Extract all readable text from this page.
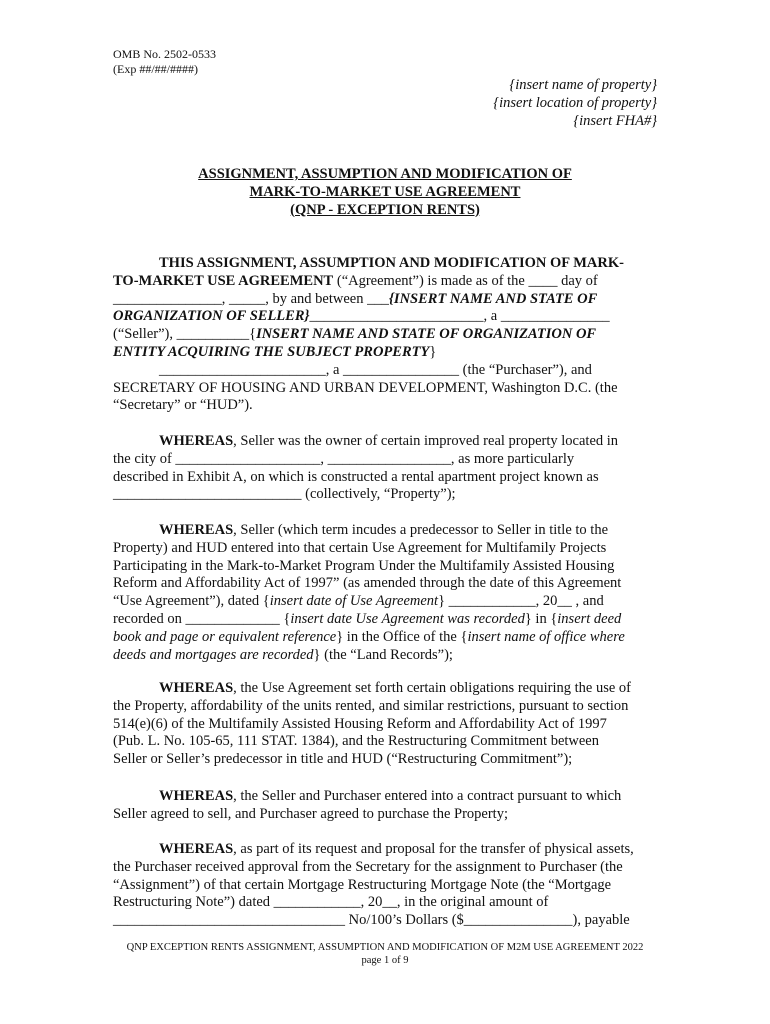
OMB No. 2502-0533
(Exp ##/##/####)
{insert name of property}
{insert location of property}
{insert FHA#}
ASSIGNMENT, ASSUMPTION AND MODIFICATION OF
MARK-TO-MARKET USE AGREEMENT
(QNP - EXCEPTION RENTS)
THIS ASSIGNMENT, ASSUMPTION AND MODIFICATION OF MARK-
TO-MARKET USE AGREEMENT (“Agreement”) is made as of the ____ day of
_______________, _____, by and between ___{INSERT NAME AND STATE OF
ORGANIZATION OF SELLER}________________________, a _______________
(“Seller”), __________{INSERT NAME AND STATE OF ORGANIZATION OF
ENTITY ACQUIRING THE SUBJECT PROPERTY}
_______________________, a ________________ (the “Purchaser”), and
SECRETARY OF HOUSING AND URBAN DEVELOPMENT, Washington D.C. (the
“Secretary” or “HUD”).
WHEREAS, Seller was the owner of certain improved real property located in
the city of ____________________, _________________, as more particularly
described in Exhibit A, on which is constructed a rental apartment project known as
__________________________ (collectively, “Property”);
WHEREAS, Seller (which term incudes a predecessor to Seller in title to the
Property) and HUD entered into that certain Use Agreement for Multifamily Projects
Participating in the Mark-to-Market Program Under the Multifamily Assisted Housing
Reform and Affordability Act of 1997” (as amended through the date of this Agreement
“Use Agreement”), dated {insert date of Use Agreement} ____________, 20__ , and
recorded on _____________ {insert date Use Agreement was recorded} in {insert deed
book and page or equivalent reference} in the Office of the {insert name of office where
deeds and mortgages are recorded} (the “Land Records”);
WHEREAS, the Use Agreement set forth certain obligations requiring the use of
the Property, affordability of the units rented, and similar restrictions, pursuant to section
514(e)(6) of the Multifamily Assisted Housing Reform and Affordability Act of 1997
(Pub. L. No. 105-65, 111 STAT. 1384), and the Restructuring Commitment between
Seller or Seller’s predecessor in title and HUD (“Restructuring Commitment”);
WHEREAS, the Seller and Purchaser entered into a contract pursuant to which
Seller agreed to sell, and Purchaser agreed to purchase the Property;
WHEREAS, as part of its request and proposal for the transfer of physical assets,
the Purchaser received approval from the Secretary for the assignment to Purchaser (the
“Assignment”) of that certain Mortgage Restructuring Mortgage Note (the “Mortgage
Restructuring Note”) dated ____________, 20__, in the original amount of
________________________________ No/100’s Dollars ($_______________), payable
QNP EXCEPTION RENTS ASSIGNMENT, ASSUMPTION AND MODIFICATION OF M2M USE AGREEMENT 2022
page 1 of 9
